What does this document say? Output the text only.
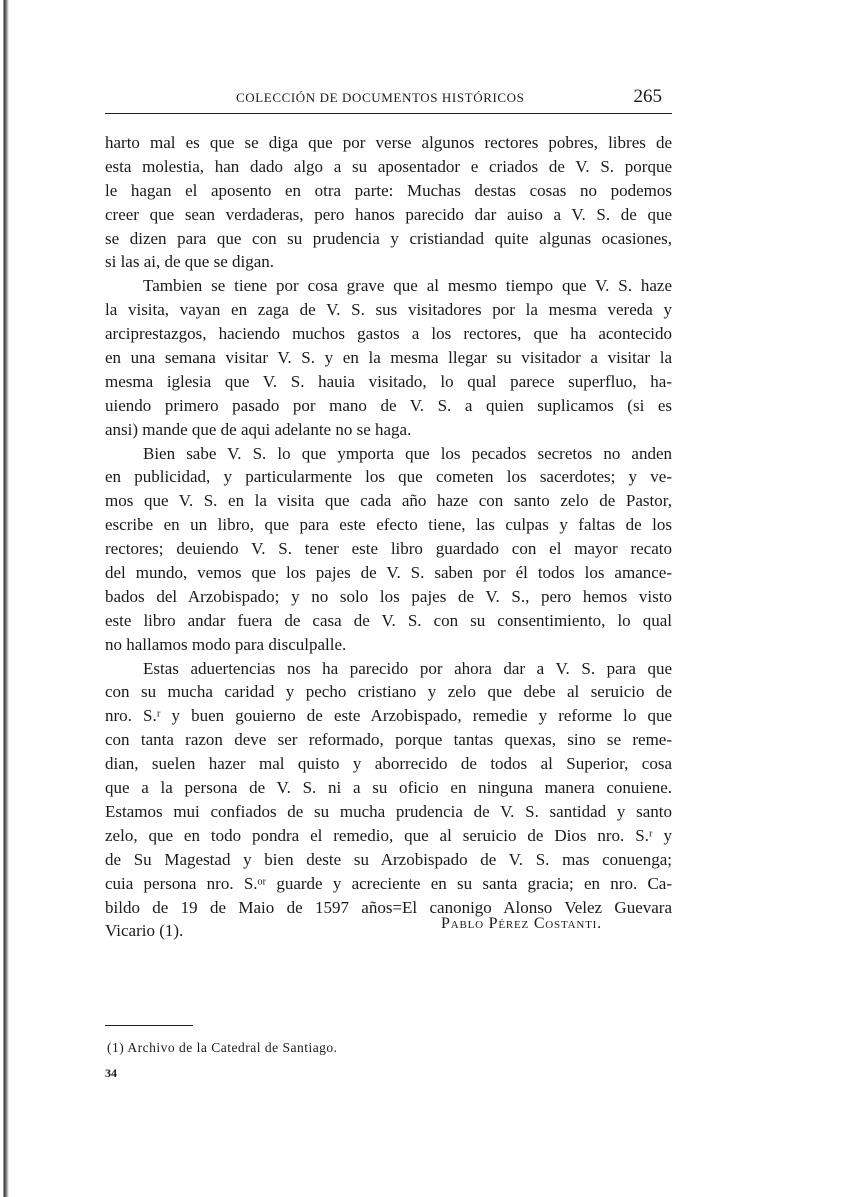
COLECCIÓN DE DOCUMENTOS HISTÓRICOS	265
harto mal es que se diga que por verse algunos rectores pobres, libres de
esta molestia, han dado algo a su aposentador e criados de V. S. porque
le hagan el aposento en otra parte: Muchas destas cosas no podemos
creer que sean verdaderas, pero hanos parecido dar auiso a V. S. de que
se dizen para que con su prudencia y cristiandad quite algunas ocasiones,
si las ai, de que se digan.
Tambien se tiene por cosa grave que al mesmo tiempo que V. S. haze
la visita, vayan en zaga de V. S. sus visitadores por la mesma vereda y
arciprestazgos, haciendo muchos gastos a los rectores, que ha acontecido
en una semana visitar V. S. y en la mesma llegar su visitador a visitar la
mesma iglesia que V. S. hauia visitado, lo qual parece superfluo, ha-
uiendo primero pasado por mano de V. S. a quien suplicamos (si es
ansi) mande que de aqui adelante no se haga.
Bien sabe V. S. lo que ymporta que los pecados secretos no anden
en publicidad, y particularmente los que cometen los sacerdotes; y ve-
mos que V. S. en la visita que cada año haze con santo zelo de Pastor,
escribe en un libro, que para este efecto tiene, las culpas y faltas de los
rectores; deuiendo V. S. tener este libro guardado con el mayor recato
del mundo, vemos que los pajes de V. S. saben por él todos los amance-
bados del Arzobispado; y no solo los pajes de V. S., pero hemos visto
este libro andar fuera de casa de V. S. con su consentimiento, lo qual
no hallamos modo para disculpalle.
Estas aduertencias nos ha parecido por ahora dar a V. S. para que
con su mucha caridad y pecho cristiano y zelo que debe al seruicio de
nro. S.ʳ y buen gouierno de este Arzobispado, remedie y reforme lo que
con tanta razon deve ser reformado, porque tantas quexas, sino se reme-
dian, suelen hazer mal quisto y aborrecido de todos al Superior, cosa
que a la persona de V. S. ni a su oficio en ninguna manera conuiene.
Estamos mui confiados de su mucha prudencia de V. S. santidad y santo
zelo, que en todo pondra el remedio, que al seruicio de Dios nro. S.ʳ y
de Su Magestad y bien deste su Arzobispado de V. S. mas conuenga;
cuia persona nro. S.ᵒʳ guarde y acreciente en su santa gracia; en nro. Ca-
bildo de 19 de Maio de 1597 años=El canonigo Alonso Velez Guevara
Vicario (1).	Pablo Pérez Costanti.
(1) Archivo de la Catedral de Santiago.
34
